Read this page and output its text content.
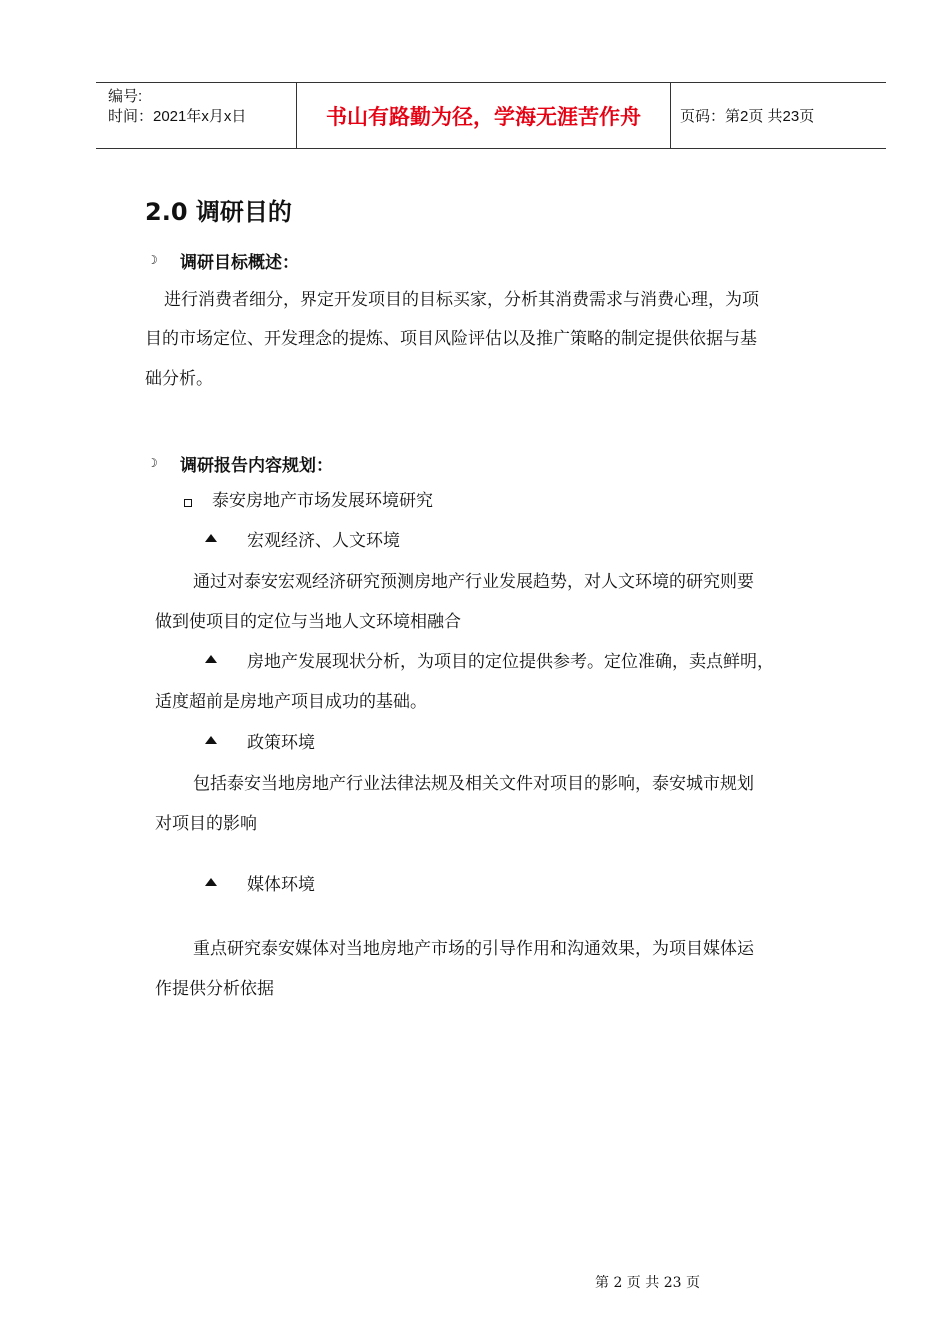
编号:
时间：2021年x月x日	书山有路勤为径，学海无涯苦作舟	页码：第2页 共23页
2.0 调研目的
☽ 调研目标概述：
进行消费者细分，界定开发项目的目标买家，分析其消费需求与消费心理，为项
目的市场定位、开发理念的提炼、项目风险评估以及推广策略的制定提供依据与基
础分析。
☽ 调研报告内容规划：
泰安房地产市场发展环境研究
宏观经济、人文环境
通过对泰安宏观经济研究预测房地产行业发展趋势，对人文环境的研究则要
做到使项目的定位与当地人文环境相融合
房地产发展现状分析，为项目的定位提供参考。定位准确，卖点鲜明，
适度超前是房地产项目成功的基础。
政策环境
包括泰安当地房地产行业法律法规及相关文件对项目的影响，泰安城市规划
对项目的影响
媒体环境
重点研究泰安媒体对当地房地产市场的引导作用和沟通效果，为项目媒体运
作提供分析依据
第 2 页 共 23 页
